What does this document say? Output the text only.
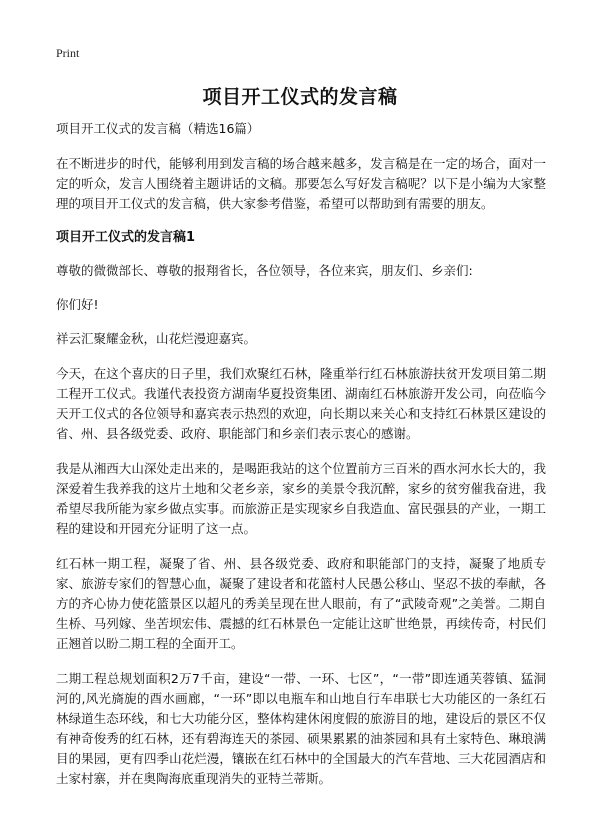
Print
项目开工仪式的发言稿

项目开工仪式的发言稿（精选16篇）

在不断进步的时代，能够利用到发言稿的场合越来越多，发言稿是在一定的场合，面对一定的听众，发言人围绕着主题讲话的文稿。那要怎么写好发言稿呢？以下是小编为大家整理的项目开工仪式的发言稿，供大家参考借鉴，希望可以帮助到有需要的朋友。

项目开工仪式的发言稿1

尊敬的微微部长、尊敬的报翔省长，各位领导，各位来宾，朋友们、乡亲们:

你们好!

祥云汇聚耀金秋，山花烂漫迎嘉宾。

今天，在这个喜庆的日子里，我们欢聚红石林，隆重举行红石林旅游扶贫开发项目第二期工程开工仪式。我谨代表投资方湖南华夏投资集团、湖南红石林旅游开发公司，向莅临今天开工仪式的各位领导和嘉宾表示热烈的欢迎，向长期以来关心和支持红石林景区建设的省、州、县各级党委、政府、职能部门和乡亲们表示衷心的感谢。

我是从湘西大山深处走出来的，是喝距我站的这个位置前方三百米的酉水河水长大的，我深爱着生我养我的这片土地和父老乡亲，家乡的美景令我沉醉，家乡的贫穷催我奋进，我希望尽我所能为家乡做点实事。而旅游正是实现家乡自我造血、富民强县的产业，一期工程的建设和开园充分证明了这一点。

红石林一期工程，凝聚了省、州、县各级党委、政府和职能部门的支持，凝聚了地质专家、旅游专家们的智慧心血，凝聚了建设者和花篮村人民愚公移山、坚忍不拔的奉献，各方的齐心协力使花篮景区以超凡的秀美呈现在世人眼前，有了“武陵奇观”之美誉。二期自生桥、马列嫁、坐苦坝宏伟、震撼的红石林景色一定能让这旷世绝景，再续传奇，村民们正翘首以盼二期工程的全面开工。

二期工程总规划面积2万7千亩，建设“一带、一环、七区”，“一带”即连通芙蓉镇、猛洞河的,风光旖旎的酉水画廊，“一环”即以电瓶车和山地自行车串联七大功能区的一条红石林绿道生态环线，和七大功能分区，整体构建休闲度假的旅游目的地，建设后的景区不仅有神奇俊秀的红石林，还有碧海连天的茶园、硕果累累的油茶园和具有土家特色、琳琅满目的果园，更有四季山花烂漫，镶嵌在红石林中的全国最大的汽车营地、三大花园酒店和土家村寨，并在奥陶海底重现消失的亚特兰蒂斯。
